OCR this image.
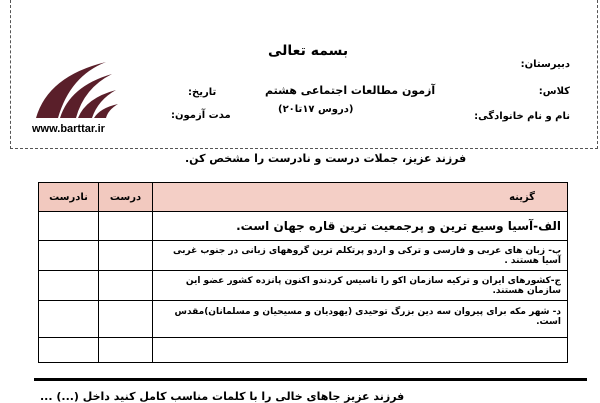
بسمه تعالی
آزمون مطالعات اجتماعی هشتم
(دروس ۱۷تا۲۰)
دبیرستان:
کلاس:
نام و نام خانوادگی:
تاریخ:
مدت آزمون:
www.barttar.ir
فرزند عزیز، جملات درست و نادرست را مشخص کن.
نادرست	درست	گزینه
		الف-آسیا وسیع ترین و پرجمعیت ترین قاره جهان است.
		ب- زبان های عربی و فارسی و ترکی و اردو پرتکلم ترین گروههای زبانی در جنوب غربی آسیا هستند .
		ج-کشورهای ایران و ترکیه سازمان اکو را تاسیس کردندو اکنون پانزده کشور عضو این سازمان هستند.
		د- شهر مکه برای پیروان سه دین بزرگ توحیدی (یهودیان و مسیحیان و مسلمانان)مقدس است.

فرزند عزیز جاهای خالی را با کلمات مناسب کامل کنید داخل (...) ...
